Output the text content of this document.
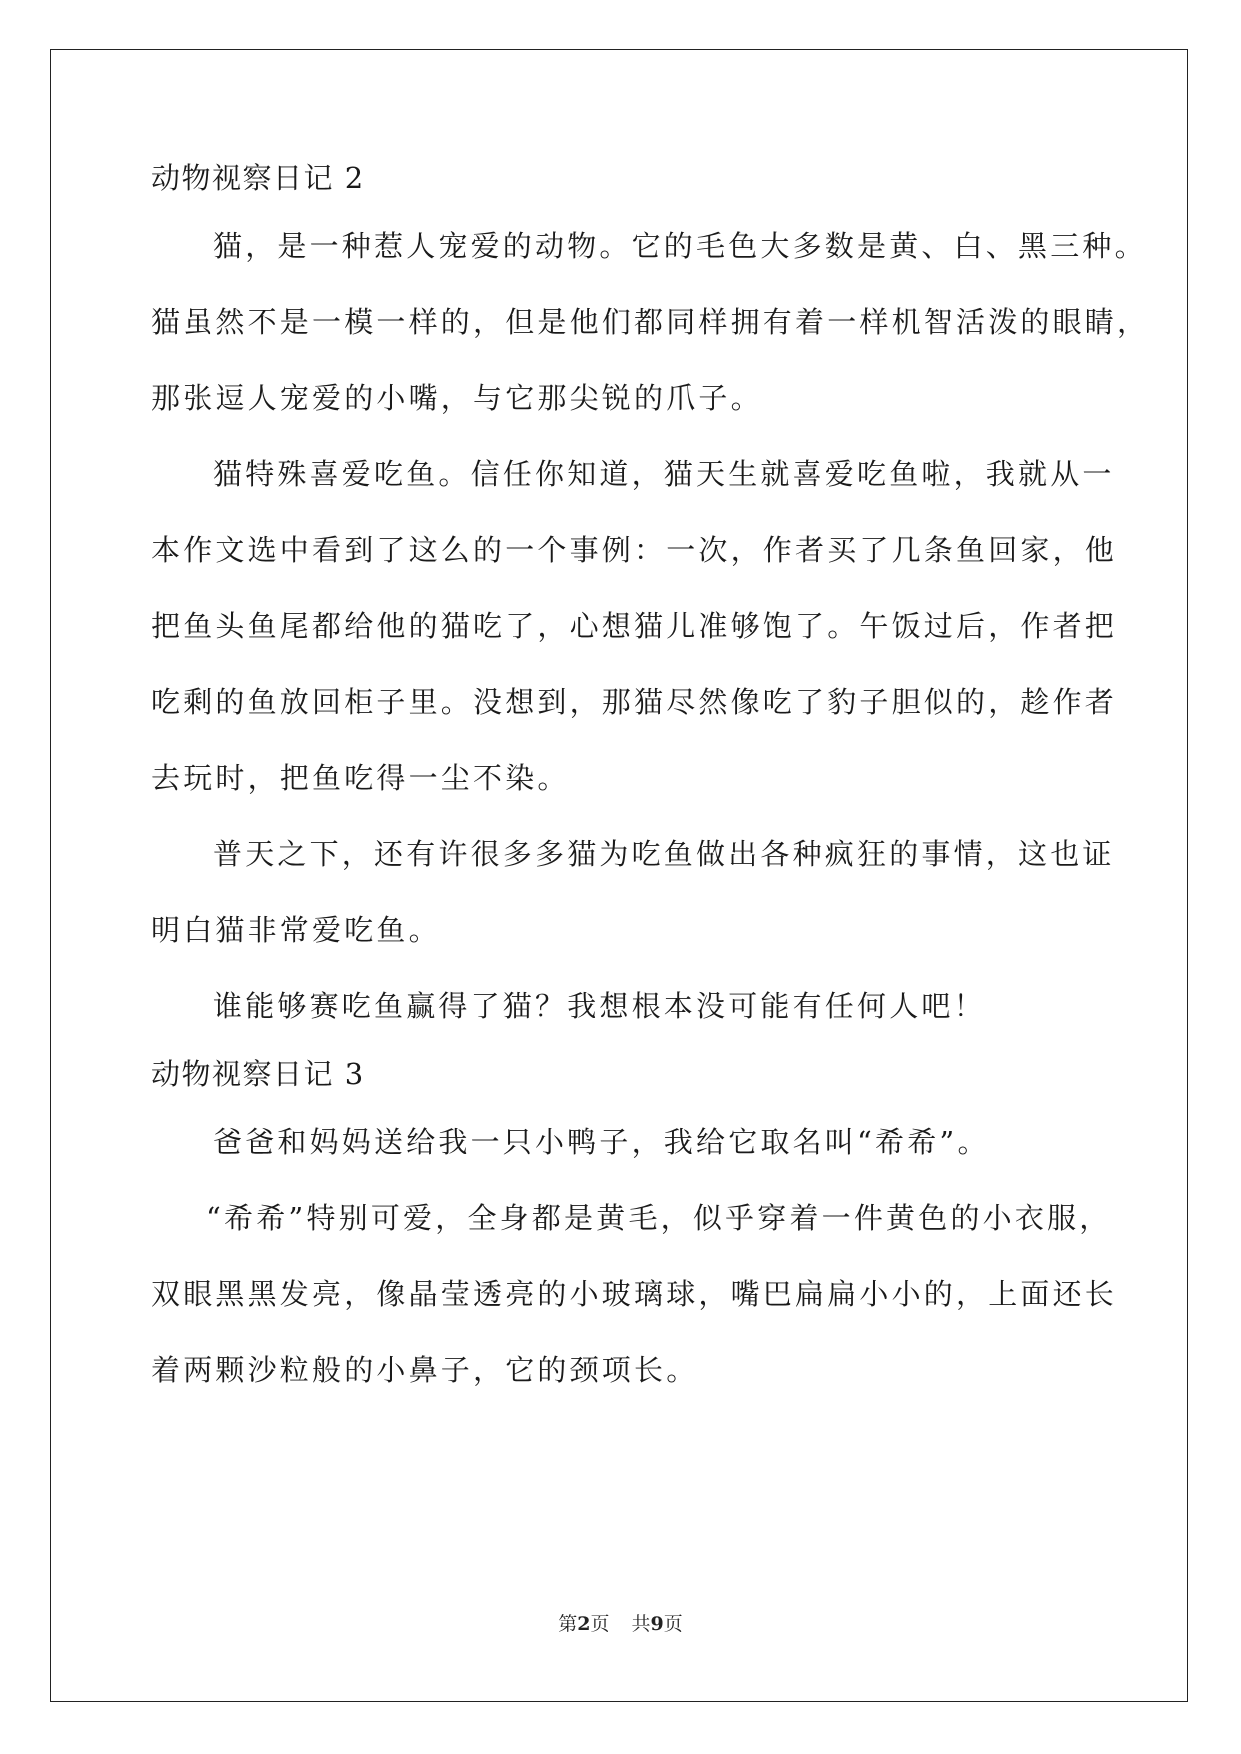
动物视察日记 2
猫，是一种惹人宠爱的动物。它的毛色大多数是黄、白、黑三种。
猫虽然不是一模一样的，但是他们都同样拥有着一样机智活泼的眼睛，
那张逗人宠爱的小嘴，与它那尖锐的爪子。
猫特殊喜爱吃鱼。信任你知道，猫天生就喜爱吃鱼啦，我就从一
本作文选中看到了这么的一个事例：一次，作者买了几条鱼回家，他
把鱼头鱼尾都给他的猫吃了，心想猫儿准够饱了。午饭过后，作者把
吃剩的鱼放回柜子里。没想到，那猫尽然像吃了豹子胆似的，趁作者
去玩时，把鱼吃得一尘不染。
普天之下，还有许很多多猫为吃鱼做出各种疯狂的事情，这也证
明白猫非常爱吃鱼。
谁能够赛吃鱼赢得了猫？我想根本没可能有任何人吧！
动物视察日记 3
爸爸和妈妈送给我一只小鸭子，我给它取名叫“希希”。
“希希”特别可爱，全身都是黄毛，似乎穿着一件黄色的小衣服，
双眼黑黑发亮，像晶莹透亮的小玻璃球，嘴巴扁扁小小的，上面还长
着两颗沙粒般的小鼻子，它的颈项长。
第2页 共9页
